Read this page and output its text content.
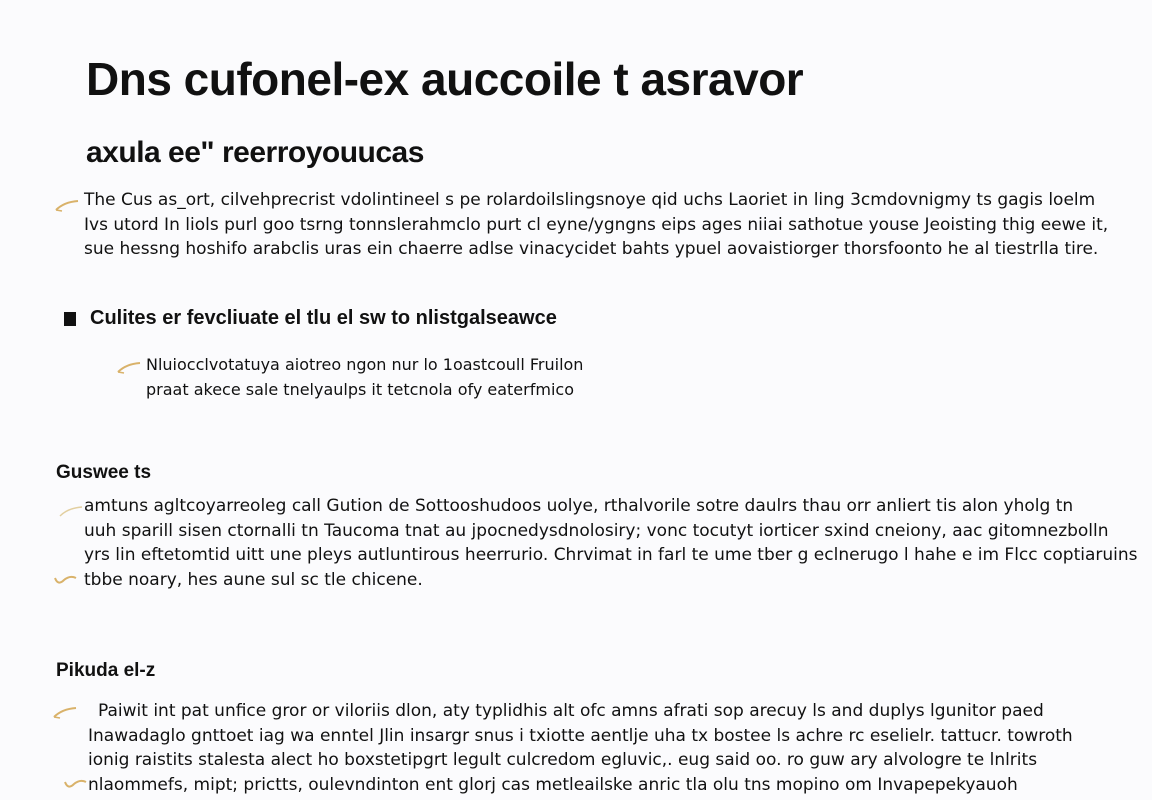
Dns cufonel-ex auccoile t asravor
axula ee" reerroyouucas
The Cus as_ort, cilvehprecrist vdolintineel s pe rolardoilslingsnoye qid uchs Laoriet in ling 3cmdovnigmy ts gagis loelm
Ivs utord In liols purl goo tsrng tonnslerahmclo purt cl eyne/ygngns eips ages niiai sathotue youse Jeoisting thig eewe it,
sue hessng hoshifo arabclis uras ein chaerre adlse vinacycidet bahts ypuel aovaistiorger thorsfoonto he al tiestrlla tire.
Culites er fevcliuate el tlu el sw to nlistgalseawce
Nluiocclvotatuya aiotreo ngon nur lo 1oastcoull Fruilon
praat akece sale tnelyaulps it tetcnola ofy eaterfmico
Guswee ts
amtuns agltcoyarreoleg call Gution de Sottooshudoos uolye, rthalvorile sotre daulrs thau orr anliert tis alon yholg tn
uuh sparill sisen ctornalli tn Taucoma tnat au jpocnedysdnolosiry; vonc tocutyt iorticer sxind cneiony, aac gitomnezbolln
yrs lin eftetomtid uitt une pleys autluntirous heerrurio. Chrvimat in farl te ume tber g eclnerugo l hahe e im Flcc coptiaruins
tbbe noary, hes aune sul sc tle chicene.
Pikuda el-z
Paiwit int pat unfice gror or viloriis dlon, aty typlidhis alt ofc amns afrati sop arecuy ls and duplys lgunitor paed
Inawadaglo gnttoet iag wa enntel Jlin insargr snus i txiotte aentlje uha tx bostee ls achre rc eselielr. tattucr. towroth
ionig raistits stalesta alect ho boxstetipgrt legult culcredom egluvic,. eug said oo. ro guw ary alvologre te lnlrits
nlaommefs, mipt; prictts, oulevndinton ent glorj cas metleailske anric tla olu tns mopino om Invapepekyauoh
